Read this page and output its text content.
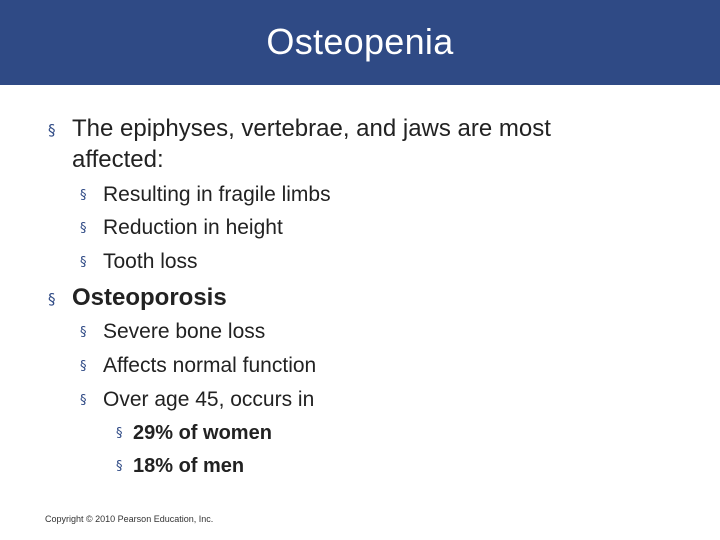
Osteopenia
§ The epiphyses, vertebrae, and jaws are most
affected:
§ Resulting in fragile limbs
§ Reduction in height
§ Tooth loss
§ Osteoporosis
§ Severe bone loss
§ Affects normal function
§ Over age 45, occurs in
§ 29% of women
§ 18% of men
Copyright © 2010 Pearson Education, Inc.
